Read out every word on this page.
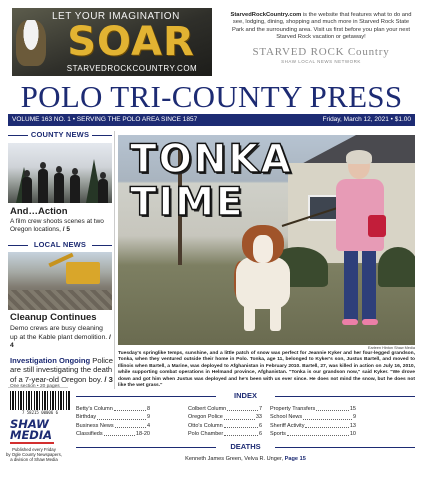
LET YOUR IMAGINATION
SOAR
STARVEDROCKCOUNTRY.COM
StarvedRockCountry.com is the website that features what to do and see, lodging, dining, shopping and much more in Starved Rock State Park and the surrounding area. Visit us first before you plan your next Starved Rock vacation or getaway!
STARVED ROCK Country
SHAW LOCAL NEWS NETWORK
POLO TRI-COUNTY PRESS
VOLUME 163 NO. 1 • SERVING THE POLO AREA SINCE 1857	Friday, March 12, 2021 • $1.00
COUNTY NEWS
And…Action
A film crew shoots scenes at two Oregon locations, / 5
LOCAL NEWS
Cleanup Continues
Demo crews are busy cleaning up at the Kable plant demolition. / 4
Investigation Ongoing Police are still investigating the death of a 7-year-old Oregon boy. / 3
One section • 20 pages
7 58215 00006 6
SHAW MEDIA
Published every Friday
by Ogle County Newspapers,
a division of Shaw Media
TONKA
TIME
Earleen Hinton Shaw Media
Tuesday's springlike temps, sunshine, and a little patch of snow was perfect for Jeannie Kyker and her four-legged grandson, Tonka, when they ventured outside their home in Polo. Tonka, age 11, belonged to Kyker's son, Justus Bartell, and moved to Illinois when Bartell, a Marine, was deployed to Afghanistan in February 2010. Bartell, 27, was killed in action on July 16, 2010, while supporting combat operations in Helmand province, Afghanistan. "Tonka is our grandson now," said Kyker. "We drove down and got him when Justus was deployed and he's been with us ever since. He does not mind the snow, but he does not like the wet grass."
INDEX
Betty's Column	8
Birthday	9
Business News	4
Classifieds	18-20
Colbert Column	7
Oregon Police	33
Otto's Column	6
Polo Chamber	6
Property Transfers	15
School News	9
Sheriff Activity	13
Sports	10
DEATHS
Kenneth James Green, Velva R. Unger, Page 15
